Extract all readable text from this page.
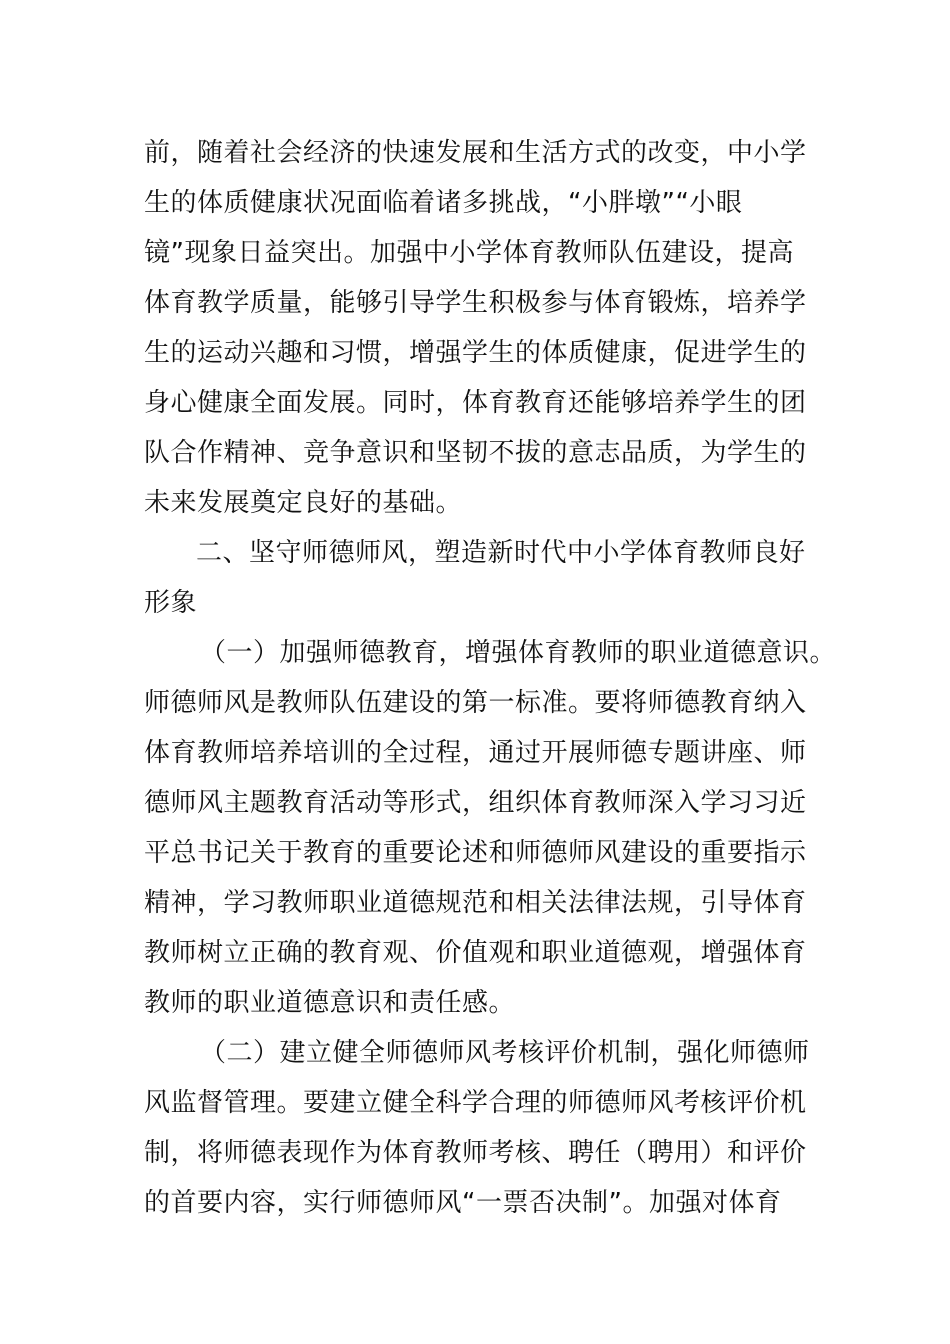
前，随着社会经济的快速发展和生活方式的改变，中小学
生的体质健康状况面临着诸多挑战，“小胖墩”“小眼
镜”现象日益突出。加强中小学体育教师队伍建设，提高
体育教学质量，能够引导学生积极参与体育锻炼，培养学
生的运动兴趣和习惯，增强学生的体质健康，促进学生的
身心健康全面发展。同时，体育教育还能够培养学生的团
队合作精神、竞争意识和坚韧不拔的意志品质，为学生的
未来发展奠定良好的基础。
二、坚守师德师风，塑造新时代中小学体育教师良好
形象
（一）加强师德教育，增强体育教师的职业道德意识。
师德师风是教师队伍建设的第一标准。要将师德教育纳入
体育教师培养培训的全过程，通过开展师德专题讲座、师
德师风主题教育活动等形式，组织体育教师深入学习习近
平总书记关于教育的重要论述和师德师风建设的重要指示
精神，学习教师职业道德规范和相关法律法规，引导体育
教师树立正确的教育观、价值观和职业道德观，增强体育
教师的职业道德意识和责任感。
（二）建立健全师德师风考核评价机制，强化师德师
风监督管理。要建立健全科学合理的师德师风考核评价机
制，将师德表现作为体育教师考核、聘任（聘用）和评价
的首要内容，实行师德师风“一票否决制”。加强对体育
